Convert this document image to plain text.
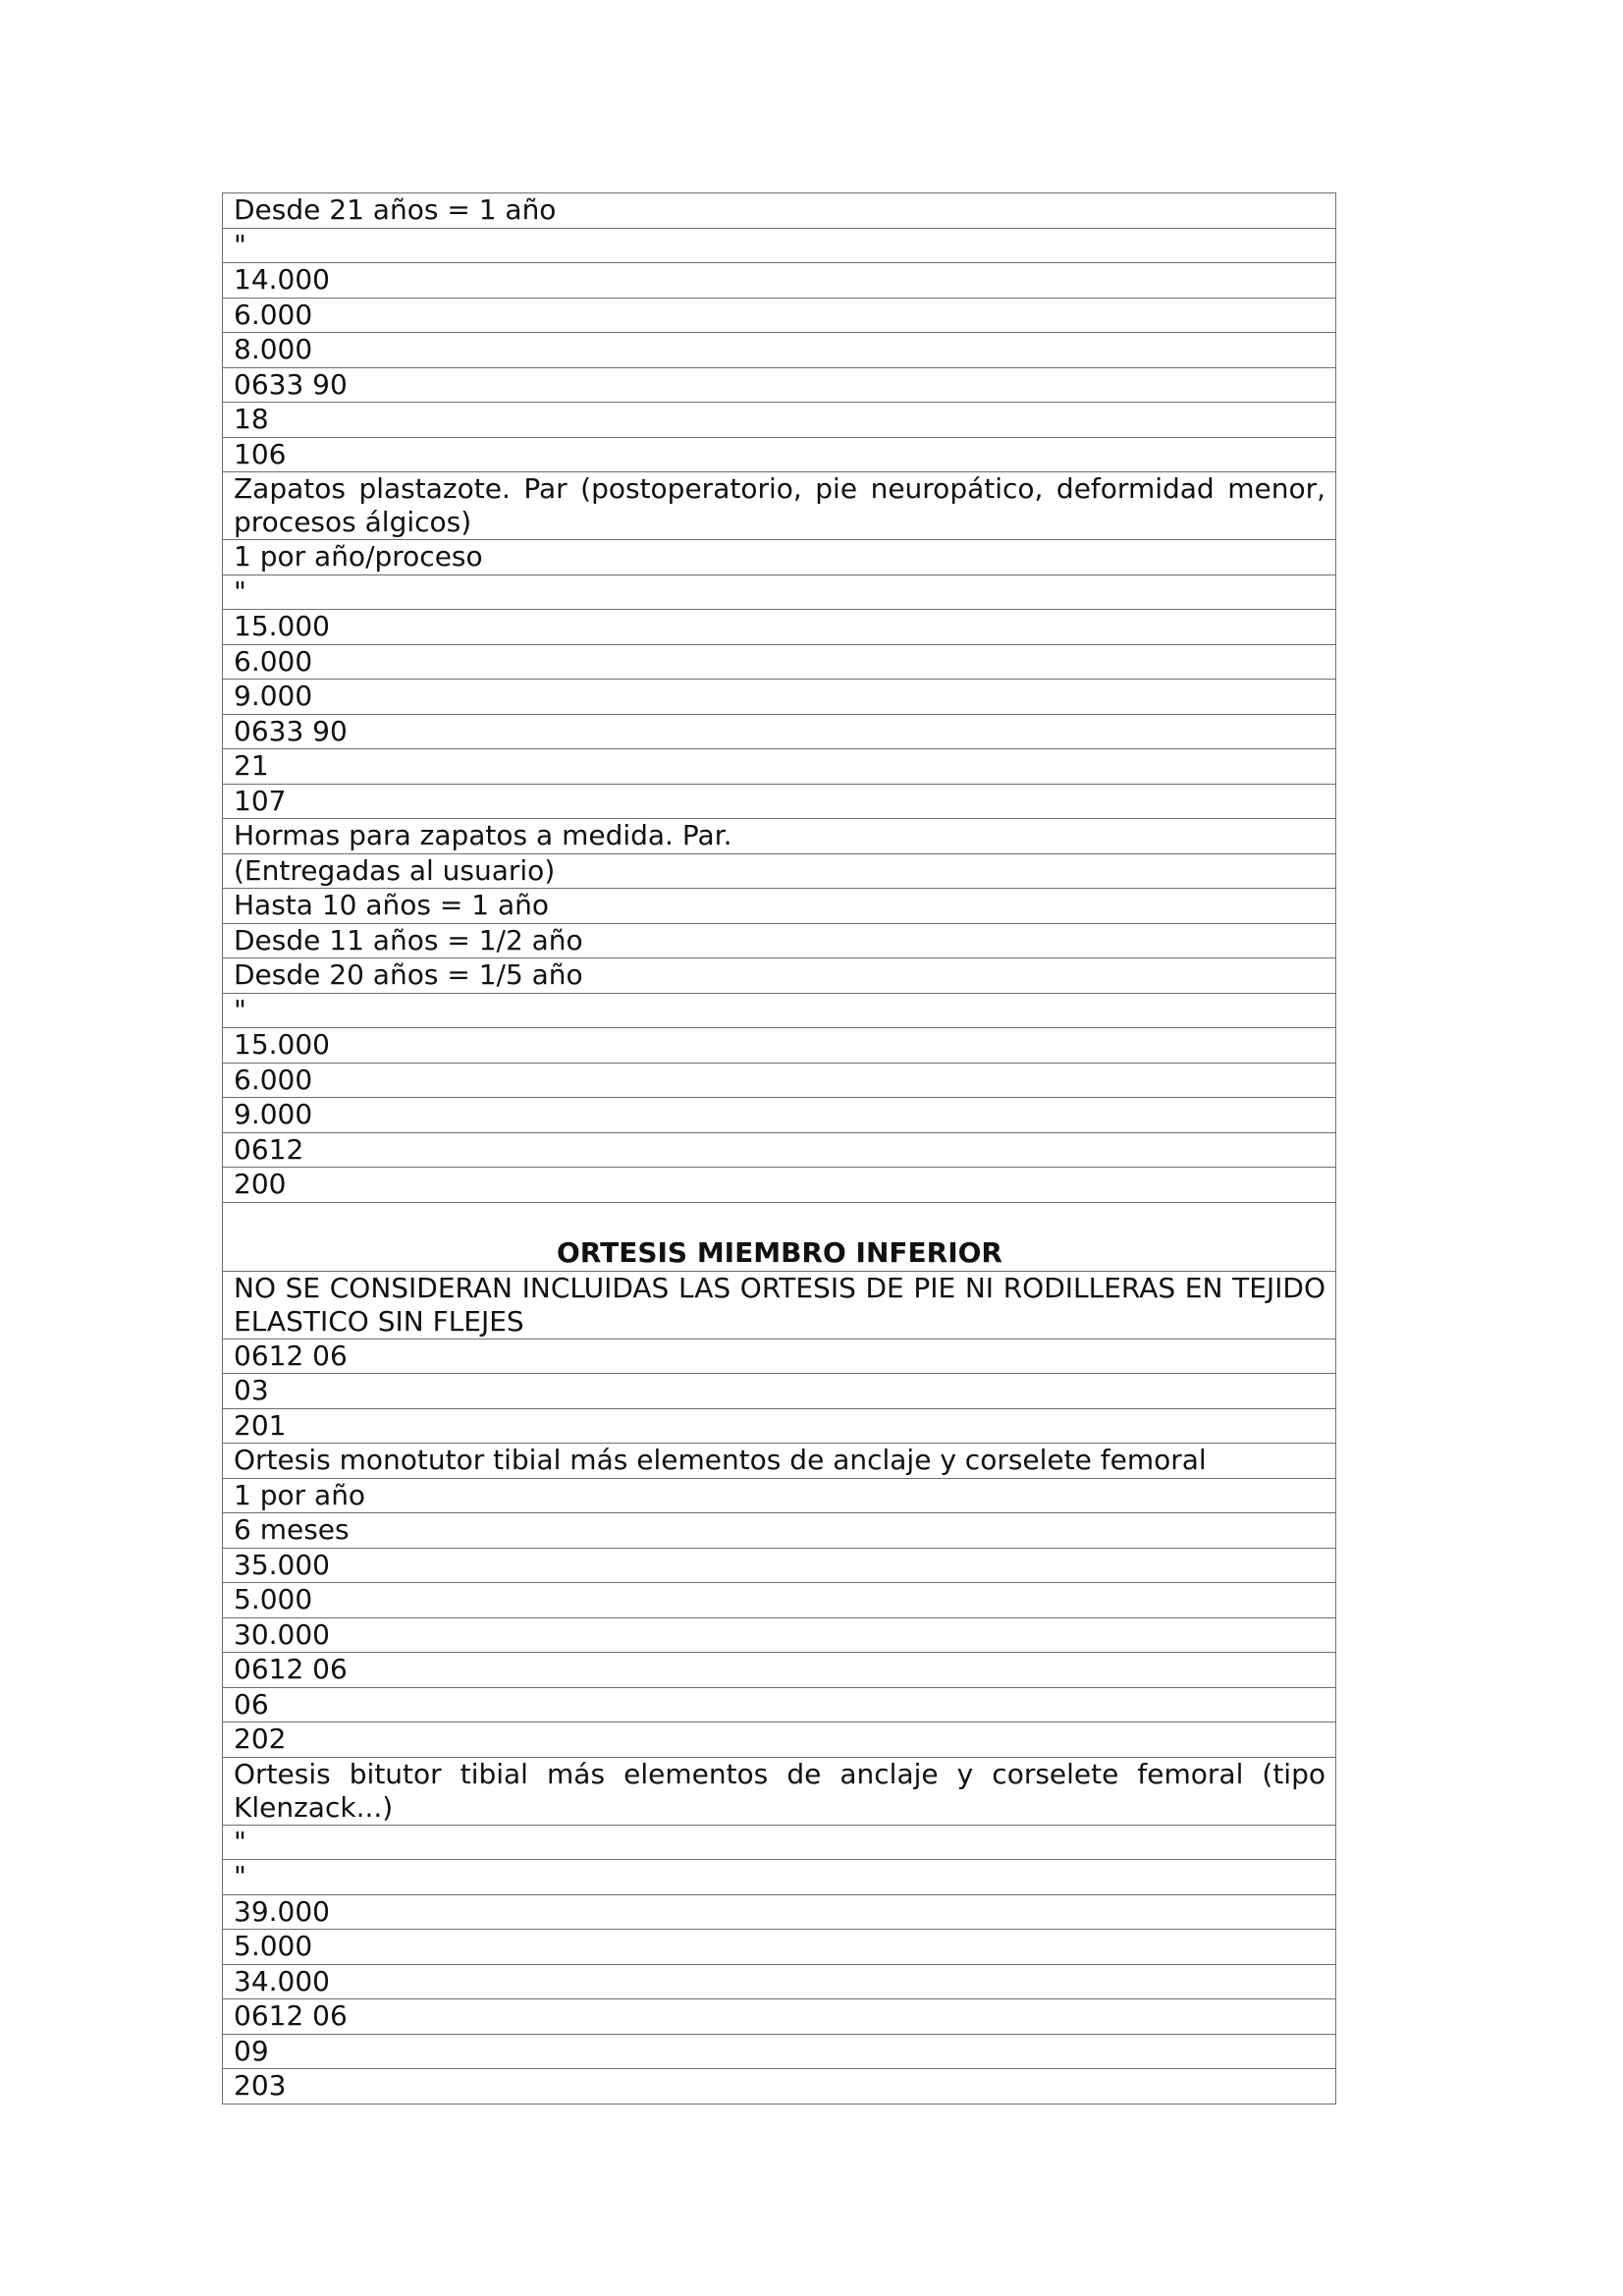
Desde 21 años = 1 año
"
14.000
6.000
8.000
0633 90
18
106
Zapatos plastazote. Par (postoperatorio, pie neuropático, deformidad menor, procesos álgicos)
1 por año/proceso
"
15.000
6.000
9.000
0633 90
21
107
Hormas para zapatos a medida. Par.
(Entregadas al usuario)
Hasta 10 años = 1 año
Desde 11 años = 1/2 año
Desde 20 años = 1/5 año
"
15.000
6.000
9.000
0612
200
ORTESIS MIEMBRO INFERIOR
NO SE CONSIDERAN INCLUIDAS LAS ORTESIS DE PIE NI RODILLERAS EN TEJIDO ELASTICO SIN FLEJES
0612 06
03
201
Ortesis monotutor tibial más elementos de anclaje y corselete femoral
1 por año
6 meses
35.000
5.000
30.000
0612 06
06
202
Ortesis bitutor tibial más elementos de anclaje y corselete femoral (tipo Klenzack...)
"
"
39.000
5.000
34.000
0612 06
09
203
